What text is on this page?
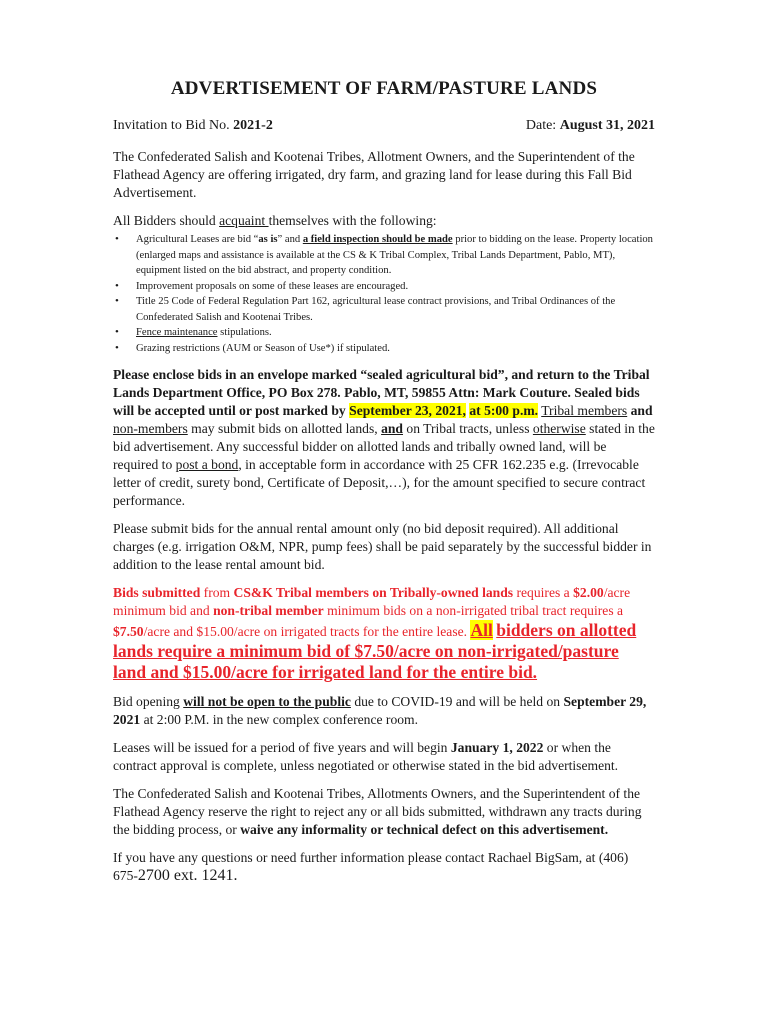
ADVERTISEMENT OF FARM/PASTURE LANDS
Invitation to Bid No. 2021-2	Date: August 31, 2021

The Confederated Salish and Kootenai Tribes, Allotment Owners, and the Superintendent of the Flathead Agency are offering irrigated, dry farm, and grazing land for lease during this Fall Bid Advertisement.

All Bidders should acquaint themselves with the following:

• Agricultural Leases are bid “as is” and a field inspection should be made prior to bidding on the lease. Property location (enlarged maps and assistance is available at the CS & K Tribal Complex, Tribal Lands Department, Pablo, MT), equipment listed on the bid abstract, and property condition.
• Improvement proposals on some of these leases are encouraged.
• Title 25 Code of Federal Regulation Part 162, agricultural lease contract provisions, and Tribal Ordinances of the Confederated Salish and Kootenai Tribes.
• Fence maintenance stipulations.
• Grazing restrictions (AUM or Season of Use*) if stipulated.

Please enclose bids in an envelope marked “sealed agricultural bid”, and return to the Tribal Lands Department Office, PO Box 278. Pablo, MT, 59855 Attn: Mark Couture. Sealed bids will be accepted until or post marked by September 23, 2021, at 5:00 p.m. Tribal members and non-members may submit bids on allotted lands, and on Tribal tracts, unless otherwise stated in the bid advertisement. Any successful bidder on allotted lands and tribally owned land, will be required to post a bond, in acceptable form in accordance with 25 CFR 162.235 e.g. (Irrevocable letter of credit, surety bond, Certificate of Deposit,…), for the amount specified to secure contract performance.

Please submit bids for the annual rental amount only (no bid deposit required). All additional charges (e.g. irrigation O&M, NPR, pump fees) shall be paid separately by the successful bidder in addition to the lease rental amount bid.

Bids submitted from CS&K Tribal members on Tribally-owned lands requires a $2.00/acre minimum bid and non-tribal member minimum bids on a non-irrigated tribal tract requires a $7.50/acre and $15.00/acre on irrigated tracts for the entire lease. All bidders on allotted lands require a minimum bid of $7.50/acre on non-irrigated/pasture land and $15.00/acre for irrigated land for the entire bid.

Bid opening will not be open to the public due to COVID-19 and will be held on September 29, 2021 at 2:00 P.M. in the new complex conference room.

Leases will be issued for a period of five years and will begin January 1, 2022 or when the contract approval is complete, unless negotiated or otherwise stated in the bid advertisement.

The Confederated Salish and Kootenai Tribes, Allotments Owners, and the Superintendent of the Flathead Agency reserve the right to reject any or all bids submitted, withdrawn any tracts during the bidding process, or waive any informality or technical defect on this advertisement.

If you have any questions or need further information please contact Rachael BigSam, at (406) 675-2700 ext. 1241.
